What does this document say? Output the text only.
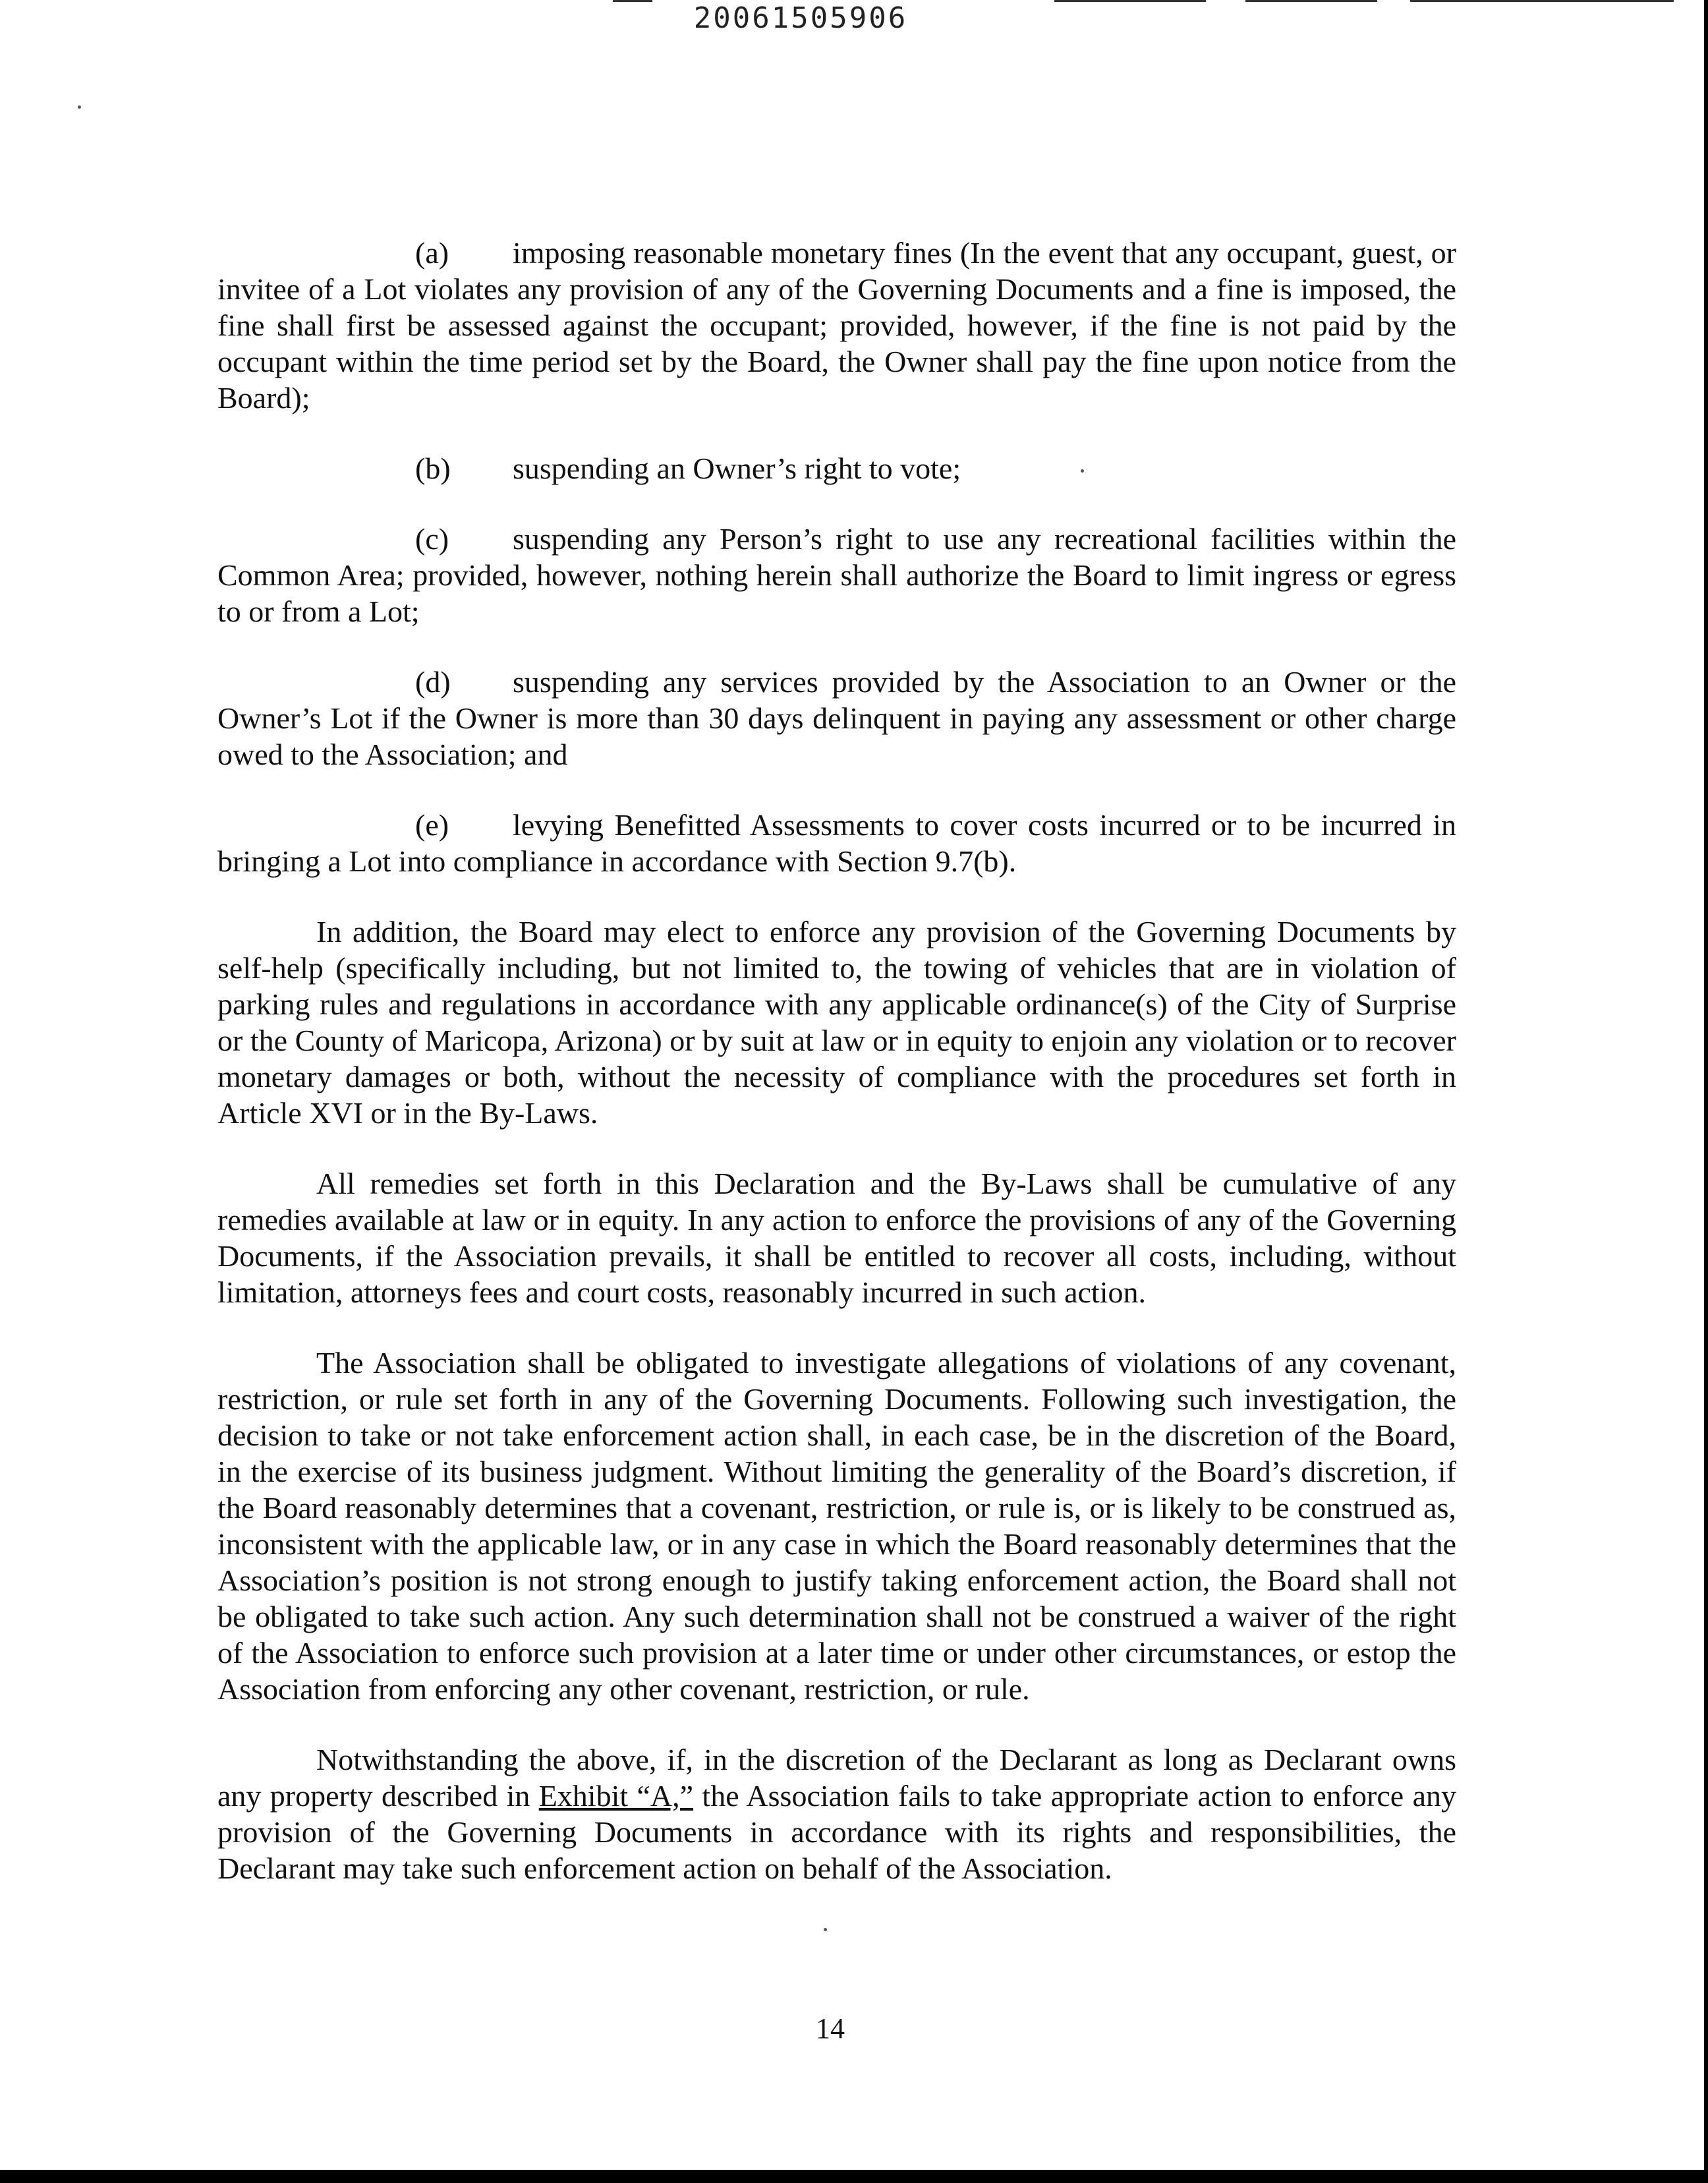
20061505906

(a) imposing reasonable monetary fines (In the event that any occupant, guest, or invitee of a Lot violates any provision of any of the Governing Documents and a fine is imposed, the fine shall first be assessed against the occupant; provided, however, if the fine is not paid by the occupant within the time period set by the Board, the Owner shall pay the fine upon notice from the Board);

(b) suspending an Owner’s right to vote;

(c) suspending any Person’s right to use any recreational facilities within the Common Area; provided, however, nothing herein shall authorize the Board to limit ingress or egress to or from a Lot;

(d) suspending any services provided by the Association to an Owner or the Owner’s Lot if the Owner is more than 30 days delinquent in paying any assessment or other charge owed to the Association; and

(e) levying Benefitted Assessments to cover costs incurred or to be incurred in bringing a Lot into compliance in accordance with Section 9.7(b).

In addition, the Board may elect to enforce any provision of the Governing Documents by self-help (specifically including, but not limited to, the towing of vehicles that are in violation of parking rules and regulations in accordance with any applicable ordinance(s) of the City of Surprise or the County of Maricopa, Arizona) or by suit at law or in equity to enjoin any violation or to recover monetary damages or both, without the necessity of compliance with the procedures set forth in Article XVI or in the By-Laws.

All remedies set forth in this Declaration and the By-Laws shall be cumulative of any remedies available at law or in equity. In any action to enforce the provisions of any of the Governing Documents, if the Association prevails, it shall be entitled to recover all costs, including, without limitation, attorneys fees and court costs, reasonably incurred in such action.

The Association shall be obligated to investigate allegations of violations of any covenant, restriction, or rule set forth in any of the Governing Documents. Following such investigation, the decision to take or not take enforcement action shall, in each case, be in the discretion of the Board, in the exercise of its business judgment. Without limiting the generality of the Board’s discretion, if the Board reasonably determines that a covenant, restriction, or rule is, or is likely to be construed as, inconsistent with the applicable law, or in any case in which the Board reasonably determines that the Association’s position is not strong enough to justify taking enforcement action, the Board shall not be obligated to take such action. Any such determination shall not be construed a waiver of the right of the Association to enforce such provision at a later time or under other circumstances, or estop the Association from enforcing any other covenant, restriction, or rule.

Notwithstanding the above, if, in the discretion of the Declarant as long as Declarant owns any property described in Exhibit “A,” the Association fails to take appropriate action to enforce any provision of the Governing Documents in accordance with its rights and responsibilities, the Declarant may take such enforcement action on behalf of the Association.

14
